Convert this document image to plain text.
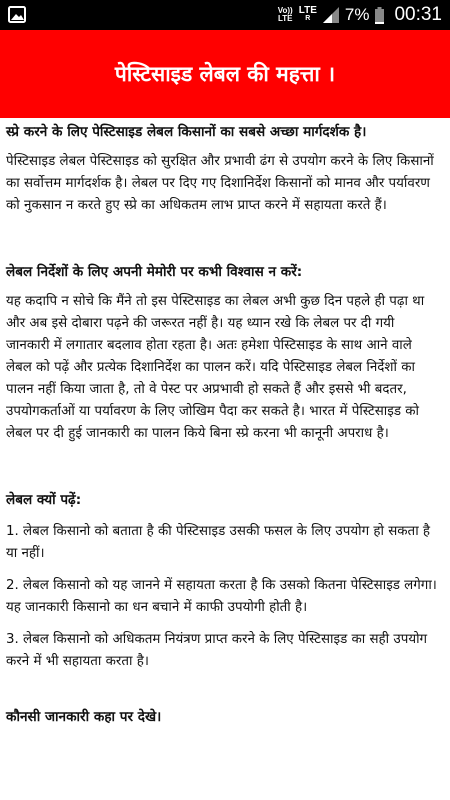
Vo))
LTE
LTE
R	7% 00:31
पेस्टिसाइड लेबल की महत्ता ।
स्प्रे करने के लिए पेस्टिसाइड लेबल किसानों का सबसे अच्छा मार्गदर्शक है।

पेस्टिसाइड लेबल पेस्टिसाइड को सुरक्षित और प्रभावी ढंग से उपयोग करने के लिए किसानों का सर्वोत्तम मार्गदर्शक है। लेबल पर दिए गए दिशानिर्देश किसानों को मानव और पर्यावरण को नुकसान न करते हुए स्प्रे का अधिकतम लाभ प्राप्त करने में सहायता करते हैं।

लेबल निर्देशों के लिए अपनी मेमोरी पर कभी विश्वास न करें:

यह कदापि न सोचे कि मैंने तो इस पेस्टिसाइड का लेबल अभी कुछ दिन पहले ही पढ़ा था और अब इसे दोबारा पढ़ने की जरूरत नहीं है। यह ध्यान रखे कि लेबल पर दी गयी जानकारी में लगातार बदलाव होता रहता है। अतः हमेशा पेस्टिसाइड के साथ आने वाले लेबल को पढ़ें और प्रत्येक दिशानिर्देश का पालन करें। यदि पेस्टिसाइड लेबल निर्देशों का पालन नहीं किया जाता है, तो वे पेस्ट पर अप्रभावी हो सकते हैं और इससे भी बदतर, उपयोगकर्ताओं या पर्यावरण के लिए जोखिम पैदा कर सकते है। भारत में पेस्टिसाइड को लेबल पर दी हुई जानकारी का पालन किये बिना स्प्रे करना भी कानूनी अपराध है।

लेबल क्यों पढ़ें:

1. लेबल किसानो को बताता है की पेस्टिसाइड उसकी फसल के लिए उपयोग हो सकता है या नहीं।

2. लेबल किसानो को यह जानने में सहायता करता है कि उसको कितना पेस्टिसाइड लगेगा। यह जानकारी किसानो का धन बचाने में काफी उपयोगी होती है।

3. लेबल किसानो को अधिकतम नियंत्रण प्राप्त करने के लिए पेस्टिसाइड का सही उपयोग करने में भी सहायता करता है।

कौनसी जानकारी कहा पर देखे।
